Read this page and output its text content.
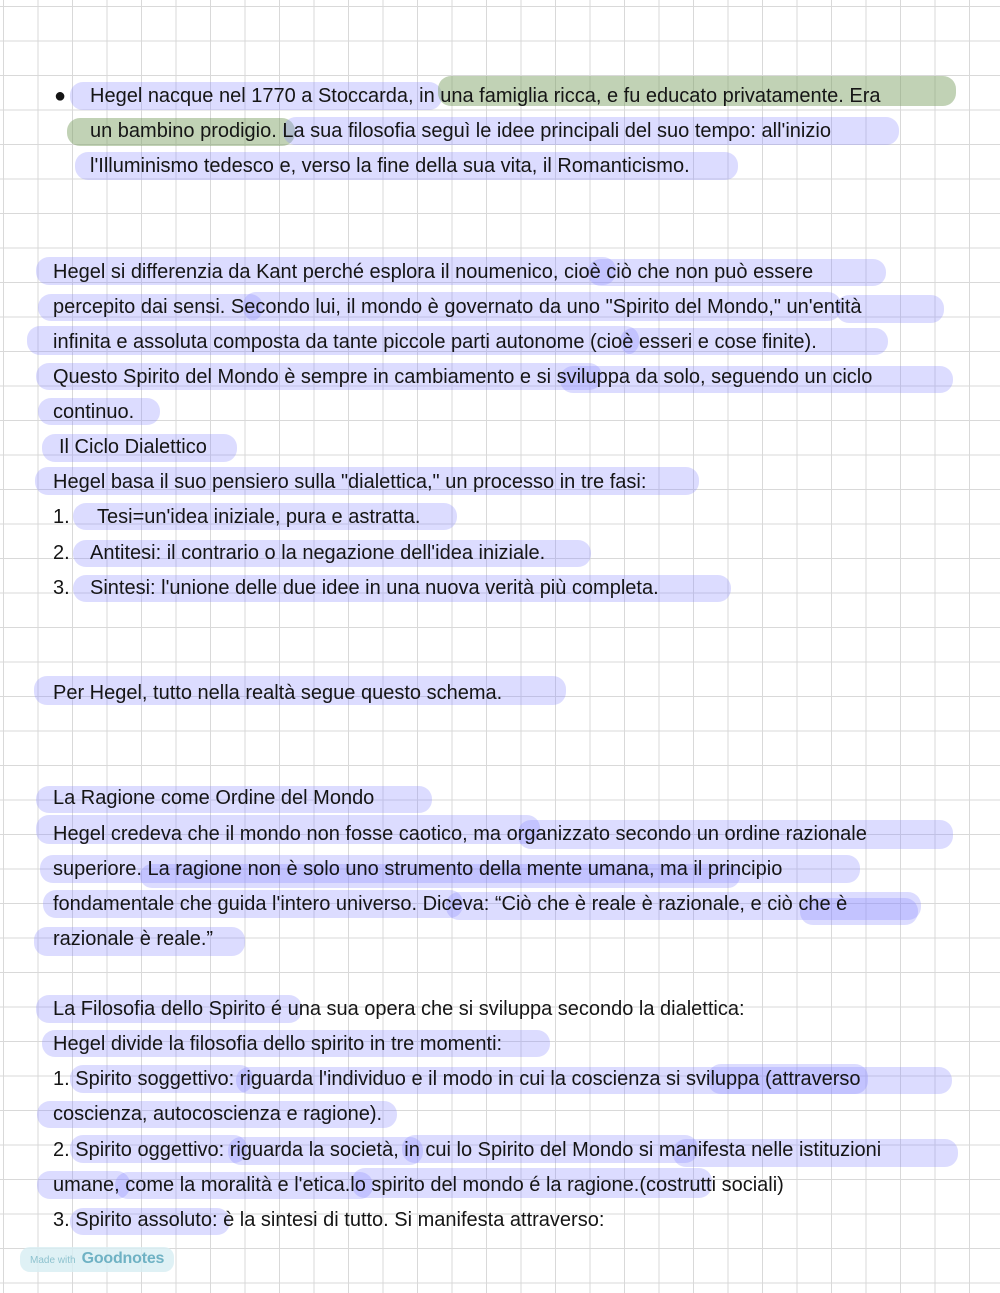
● Hegel nacque nel 1770 a Stoccarda, in una famiglia ricca, e fu educato privatamente. Era
un bambino prodigio. La sua filosofia seguì le idee principali del suo tempo: all'inizio
l'Illuminismo tedesco e, verso la fine della sua vita, il Romanticismo.
Hegel si differenzia da Kant perché esplora il noumenico, cioè ciò che non può essere
percepito dai sensi. Secondo lui, il mondo è governato da uno "Spirito del Mondo," un'entità
infinita e assoluta composta da tante piccole parti autonome (cioè esseri e cose finite).
Questo Spirito del Mondo è sempre in cambiamento e si sviluppa da solo, seguendo un ciclo
continuo.
Il Ciclo Dialettico
Hegel basa il suo pensiero sulla "dialettica," un processo in tre fasi:
1. Tesi=un'idea iniziale, pura e astratta.
2. Antitesi: il contrario o la negazione dell'idea iniziale.
3. Sintesi: l'unione delle due idee in una nuova verità più completa.
Per Hegel, tutto nella realtà segue questo schema.
La Ragione come Ordine del Mondo
Hegel credeva che il mondo non fosse caotico, ma organizzato secondo un ordine razionale
superiore. La ragione non è solo uno strumento della mente umana, ma il principio
fondamentale che guida l'intero universo. Diceva: “Ciò che è reale è razionale, e ciò che è
razionale è reale.”
La Filosofia dello Spirito é una sua opera che si sviluppa secondo la dialettica:
Hegel divide la filosofia dello spirito in tre momenti:
1. Spirito soggettivo: riguarda l'individuo e il modo in cui la coscienza si sviluppa (attraverso
coscienza, autocoscienza e ragione).
2. Spirito oggettivo: riguarda la società, in cui lo Spirito del Mondo si manifesta nelle istituzioni
umane, come la moralità e l'etica.lo spirito del mondo é la ragione.(costrutti sociali)
3. Spirito assoluto: è la sintesi di tutto. Si manifesta attraverso:
Made with Goodnotes
